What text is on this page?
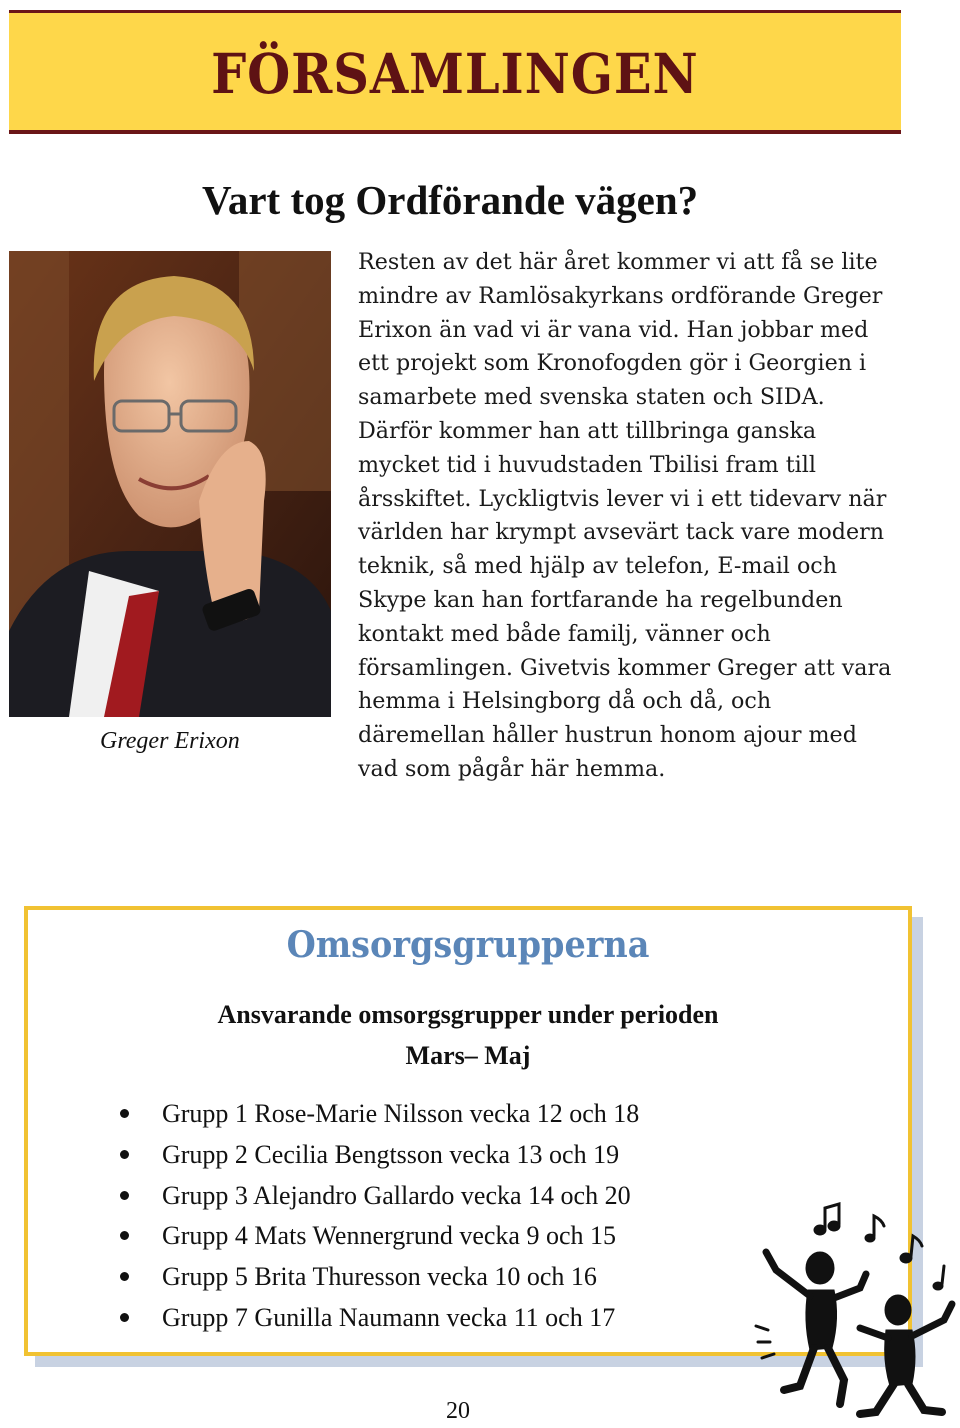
FÖRSAMLINGEN
Vart tog Ordförande vägen?
Greger Erixon

Resten av det här året kommer vi att få se lite mindre av Ramlösakyrkans ordförande Greger Erixon än vad vi är vana vid. Han jobbar med ett projekt som Kronofogden gör i Georgien i samarbete med svenska staten och SIDA. Därför kommer han att tillbringa ganska mycket tid i huvudstaden Tbilisi fram till årsskiftet. Lyckligtvis lever vi i ett tidevarv när världen har krympt avsevärt tack vare modern teknik, så med hjälp av telefon, E-mail och Skype kan han fortfarande ha regelbunden kontakt med både familj, vänner och församlingen. Givetvis kommer Greger att vara hemma i Helsingborg då och då, och däremellan håller hustrun honom ajour med vad som pågår här hemma.

Omsorgsgrupperna
Ansvarande omsorgsgrupper under perioden
Mars– Maj
Grupp 1 Rose-Marie Nilsson vecka 12 och 18
Grupp 2 Cecilia Bengtsson vecka 13 och 19
Grupp 3 Alejandro Gallardo vecka 14 och 20
Grupp 4 Mats Wennergrund vecka 9 och 15
Grupp 5 Brita Thuresson vecka 10 och 16
Grupp 7 Gunilla Naumann vecka 11 och 17
20
